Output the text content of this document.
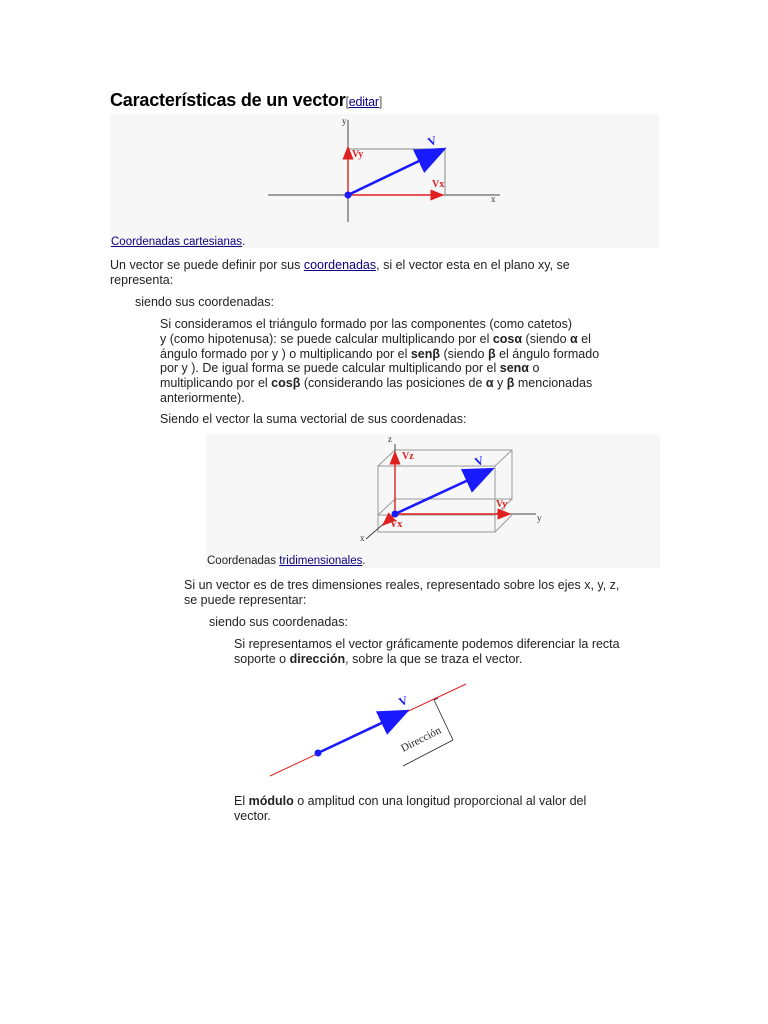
Características de un vector[editar]
y
x
V
Vy
Vx
Coordenadas cartesianas.
Un vector se puede definir por sus coordenadas, si el vector esta en el plano xy, se
representa:
siendo sus coordenadas:
Si consideramos el triángulo formado por las componentes (como catetos)
y (como hipotenusa): se puede calcular multiplicando por el cosα (siendo α el
ángulo formado por y ) o multiplicando por el senβ (siendo β el ángulo formado
por y ). De igual forma se puede calcular multiplicando por el senα o
multiplicando por el cosβ (considerando las posiciones de α y β mencionadas
anteriormente).
Siendo el vector la suma vectorial de sus coordenadas:
z
y
x
V
Vz
Vy
Vx
Coordenadas tridimensionales.
Si un vector es de tres dimensiones reales, representado sobre los ejes x, y, z,
se puede representar:
siendo sus coordenadas:
Si representamos el vector gráficamente podemos diferenciar la recta
soporte o dirección, sobre la que se traza el vector.
V
Dirección
El módulo o amplitud con una longitud proporcional al valor del
vector.
